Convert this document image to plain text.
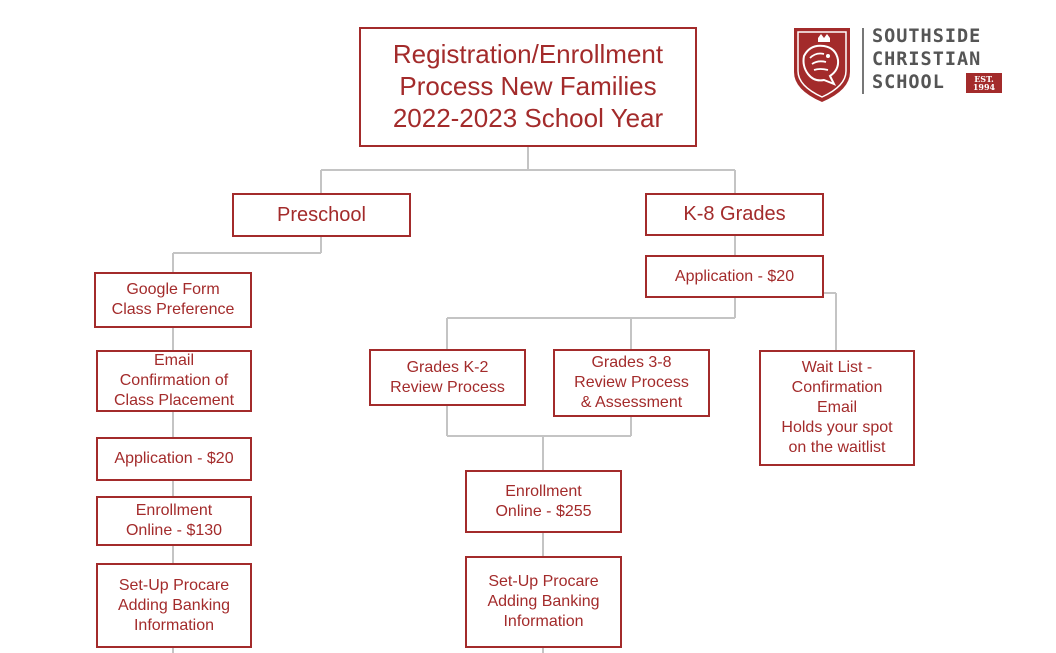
Registration/Enrollment
Process New Families
2022-2023 School Year
Preschool	K-8 Grades
Google Form
Class Preference
Email
Confirmation of
Class Placement
Application - $20
Enrollment
Online - $130
Set-Up Procare
Adding Banking
Information
Application - $20
Grades K-2
Review Process
Grades 3-8
Review Process
& Assessment
Wait List -
Confirmation
Email
Holds your spot
on the waitlist
Enrollment
Online - $255
Set-Up Procare
Adding Banking
Information
SOUTHSIDE
CHRISTIAN
SCHOOL	EST.
1994
